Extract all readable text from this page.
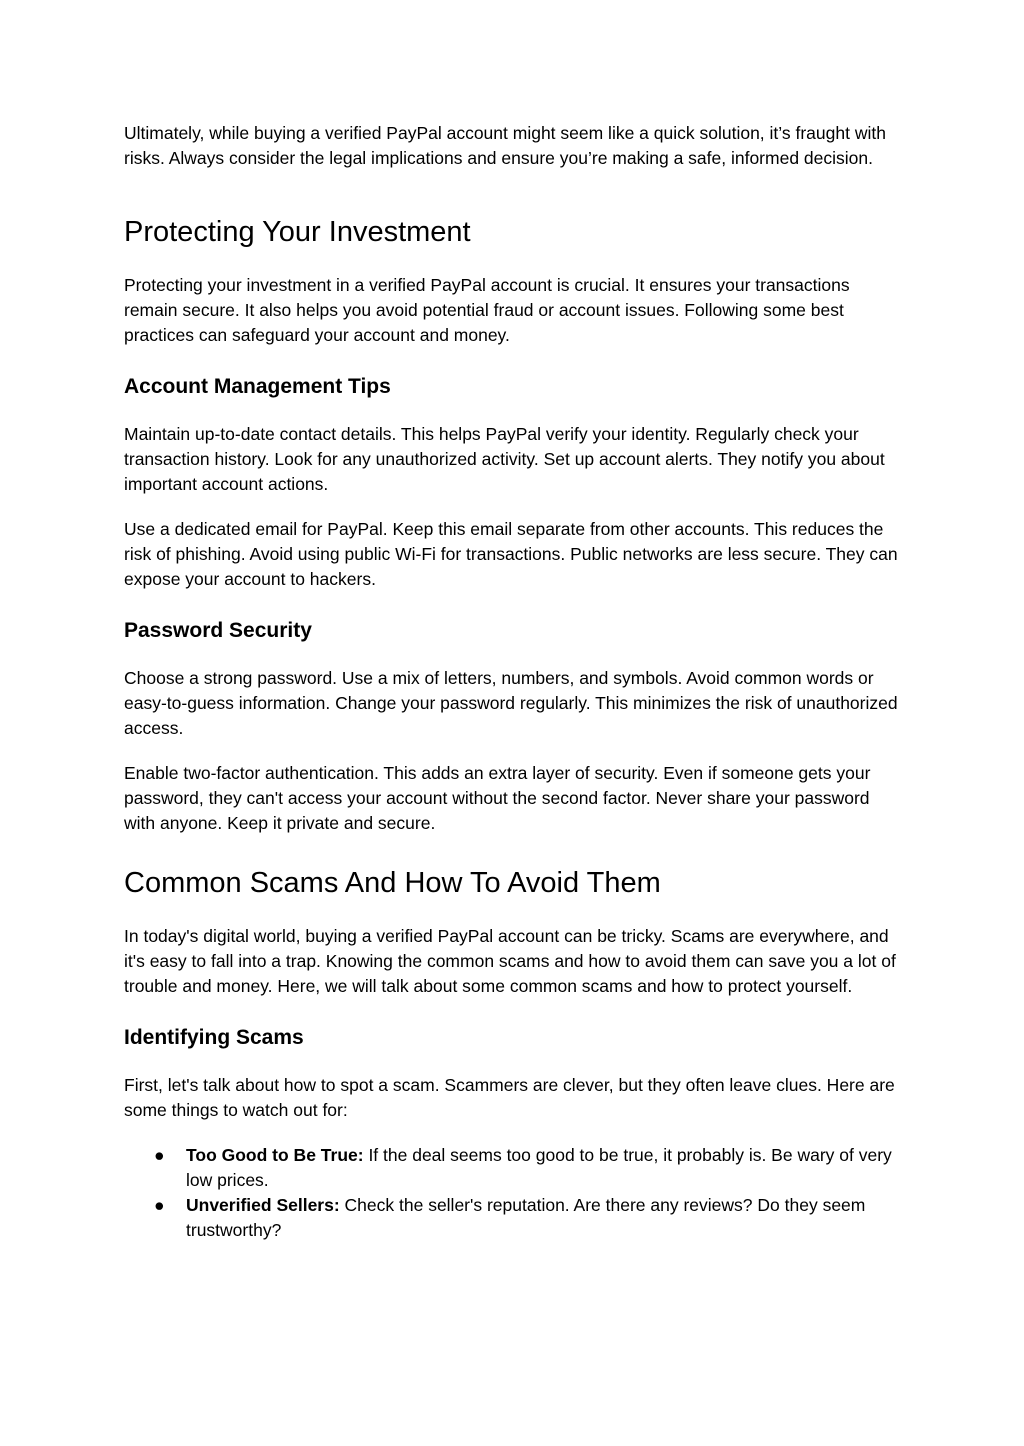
Ultimately, while buying a verified PayPal account might seem like a quick solution, it’s fraught with risks. Always consider the legal implications and ensure you’re making a safe, informed decision.

Protecting Your Investment

Protecting your investment in a verified PayPal account is crucial. It ensures your transactions remain secure. It also helps you avoid potential fraud or account issues. Following some best practices can safeguard your account and money.

Account Management Tips

Maintain up-to-date contact details. This helps PayPal verify your identity. Regularly check your transaction history. Look for any unauthorized activity. Set up account alerts. They notify you about important account actions.

Use a dedicated email for PayPal. Keep this email separate from other accounts. This reduces the risk of phishing. Avoid using public Wi-Fi for transactions. Public networks are less secure. They can expose your account to hackers.

Password Security

Choose a strong password. Use a mix of letters, numbers, and symbols. Avoid common words or easy-to-guess information. Change your password regularly. This minimizes the risk of unauthorized access.

Enable two-factor authentication. This adds an extra layer of security. Even if someone gets your password, they can't access your account without the second factor. Never share your password with anyone. Keep it private and secure.

Common Scams And How To Avoid Them

In today's digital world, buying a verified PayPal account can be tricky. Scams are everywhere, and it's easy to fall into a trap. Knowing the common scams and how to avoid them can save you a lot of trouble and money. Here, we will talk about some common scams and how to protect yourself.

Identifying Scams

First, let's talk about how to spot a scam. Scammers are clever, but they often leave clues. Here are some things to watch out for:

● Too Good to Be True: If the deal seems too good to be true, it probably is. Be wary of very low prices.
● Unverified Sellers: Check the seller's reputation. Are there any reviews? Do they seem trustworthy?
